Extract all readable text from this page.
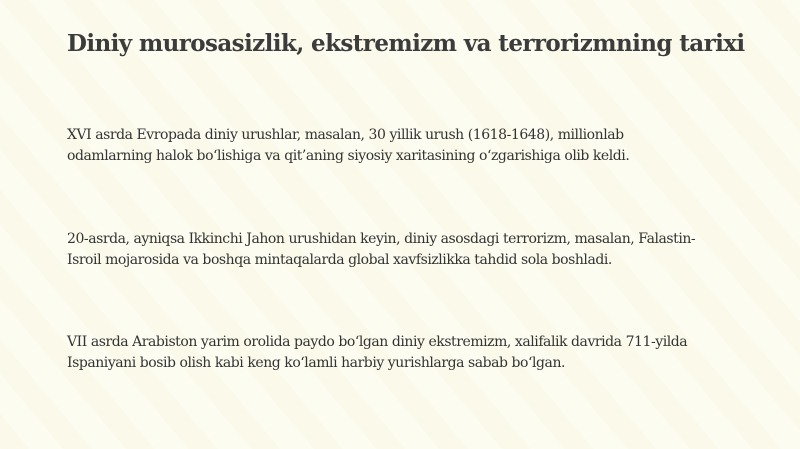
Diniy murosasizlik, ekstremizm va terrorizmning tarixi

XVI asrda Evropada diniy urushlar, masalan, 30 yillik urush (1618-1648), millionlab
odamlarning halok bo‘lishiga va qit’aning siyosiy xaritasining o‘zgarishiga olib keldi.

20-asrda, ayniqsa Ikkinchi Jahon urushidan keyin, diniy asosdagi terrorizm, masalan, Falastin-
Isroil mojarosida va boshqa mintaqalarda global xavfsizlikka tahdid sola boshladi.

VII asrda Arabiston yarim orolida paydo bo‘lgan diniy ekstremizm, xalifalik davrida 711-yilda
Ispaniyani bosib olish kabi keng ko‘lamli harbiy yurishlarga sabab bo‘lgan.
